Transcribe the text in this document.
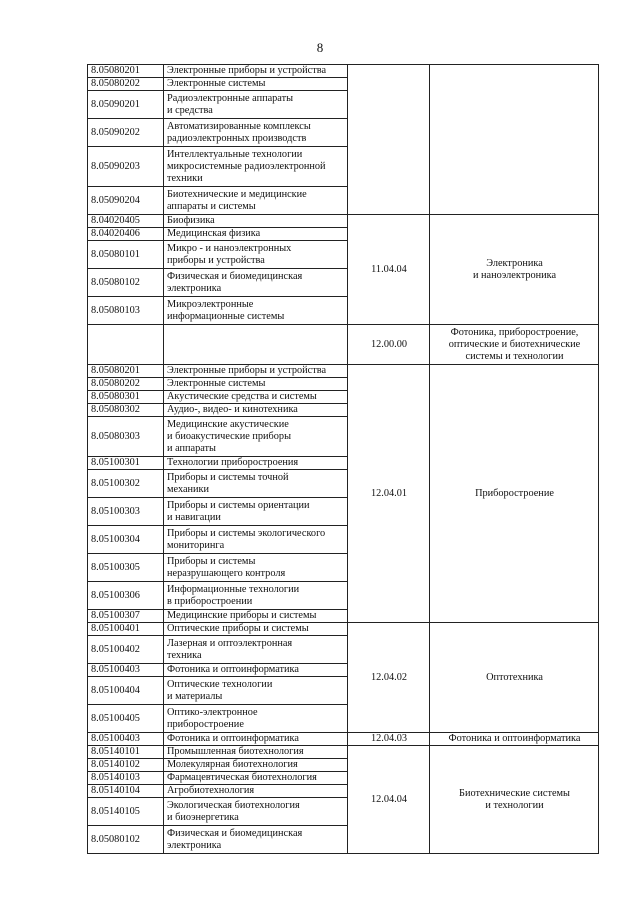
8
8.05080201	Электронные приборы и устройства		
8.05080202	Электронные системы		
8.05090201	Радиоэлектронные аппараты
и средства		
8.05090202	Автоматизированные комплексы
радиоэлектронных производств		
8.05090203	Интеллектуальные технологии
микросистемные радиоэлектронной
техники		
8.05090204	Биотехнические и медицинские
аппараты и системы		
8.04020405	Биофизика	11.04.04	Электроника
и наноэлектроника
8.04020406	Медицинская физика		
8.05080101	Микро - и наноэлектронных
приборы и устройства		
8.05080102	Физическая и биомедицинская
электроника		
8.05080103	Микроэлектронные
информационные системы		
		12.00.00	Фотоника, приборостроение,
оптические и биотехнические
системы и технологии
8.05080201	Электронные приборы и устройства	12.04.01	Приборостроение
8.05080202	Электронные системы		
8.05080301	Акустические средства и системы		
8.05080302	Аудио-, видео- и кинотехника		
8.05080303	Медицинские акустические
и биоакустические приборы
и аппараты		
8.05100301	Технологии приборостроения		
8.05100302	Приборы и системы точной
механики		
8.05100303	Приборы и системы ориентации
и навигации		
8.05100304	Приборы и системы экологического
мониторинга		
8.05100305	Приборы и системы
неразрушающего контроля		
8.05100306	Информационные технологии
в приборостроении		
8.05100307	Медицинские приборы и системы		
8.05100401	Оптические приборы и системы	12.04.02	Оптотехника
8.05100402	Лазерная и оптоэлектронная
техника		
8.05100403	Фотоника и оптоинформатика		
8.05100404	Оптические технологии
и материалы		
8.05100405	Оптико-электронное
приборостроение		
8.05100403	Фотоника и оптоинформатика	12.04.03	Фотоника и оптоинформатика
8.05140101	Промышленная биотехнология	12.04.04	Биотехнические системы
и технологии
8.05140102	Молекулярная биотехнология		
8.05140103	Фармацевтическая биотехнология		
8.05140104	Агробиотехнология		
8.05140105	Экологическая биотехнология
и биоэнергетика		
8.05080102	Физическая и биомедицинская
электроника		
